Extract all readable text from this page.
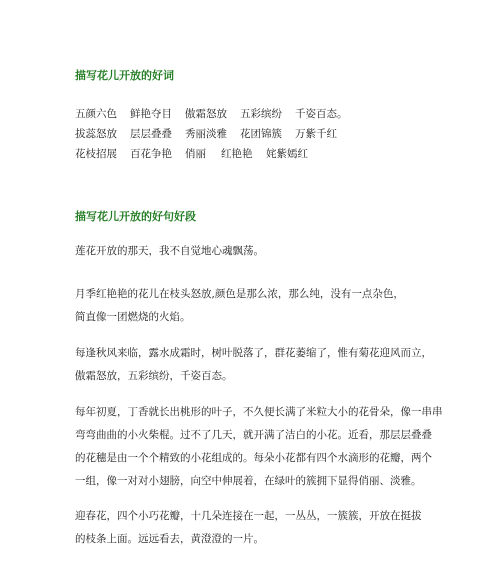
描写花儿开放的好词
五颜六色 鲜艳夺目 傲霜怒放 五彩缤纷 千姿百态。
拔蕊怒放 层层叠叠 秀丽淡雅 花团锦簇 万紫千红
花枝招展 百花争艳 俏丽 红艳艳 姹紫嫣红
描写花儿开放的好句好段
莲花开放的那天，我不自觉地心魂飘荡。
月季红艳艳的花儿在枝头怒放,颜色是那么浓，那么纯，没有一点杂色，
简直像一团燃烧的火焰。
每逢秋风来临，露水成霜时，树叶脱落了，群花萎缩了，惟有菊花迎风而立，
傲霜怒放，五彩缤纷，千姿百态。
每年初夏，丁香就长出桃形的叶子，不久便长满了米粒大小的花骨朵，像一串串
弯弯曲曲的小火柴棍。过不了几天，就开满了洁白的小花。近看，那层层叠叠
的花穗是由一个个精致的小花组成的。每朵小花都有四个水滴形的花瓣，两个
一组，像一对对小翅膀，向空中伸展着，在绿叶的簇拥下显得俏丽、淡雅。
迎春花，四个小巧花瓣，十几朵连接在一起，一丛丛，一簇簇，开放在挺拔
的枝条上面。远远看去，黄澄澄的一片。
